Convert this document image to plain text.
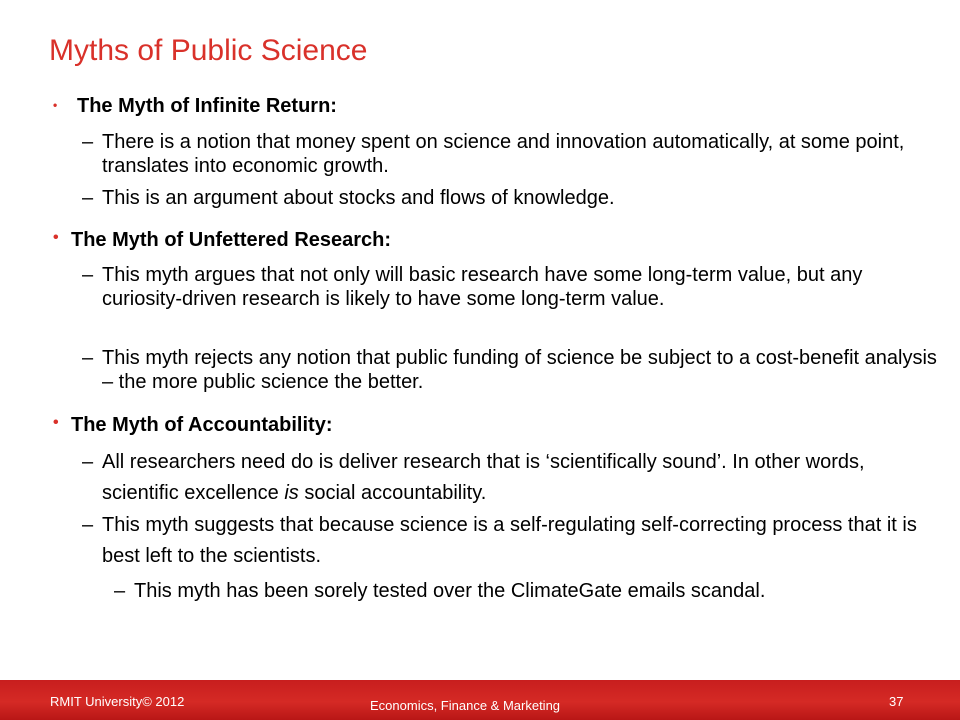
Myths of Public Science
• The Myth of Infinite Return:
– There is a notion that money spent on science and innovation automatically, at some point, translates into economic growth.
– This is an argument about stocks and flows of knowledge.
• The Myth of Unfettered Research:
– This myth argues that not only will basic research have some long-term value, but any curiosity-driven research is likely to have some long-term value.
– This myth rejects any notion that public funding of science be subject to a cost-benefit analysis – the more public science the better.
• The Myth of Accountability:
– All researchers need do is deliver research that is ‘scientifically sound’. In other words, scientific excellence is social accountability.
– This myth suggests that because science is a self-regulating self-correcting process that it is best left to the scientists.
– This myth has been sorely tested over the ClimateGate emails scandal.
RMIT University© 2012	Economics, Finance & Marketing	37
